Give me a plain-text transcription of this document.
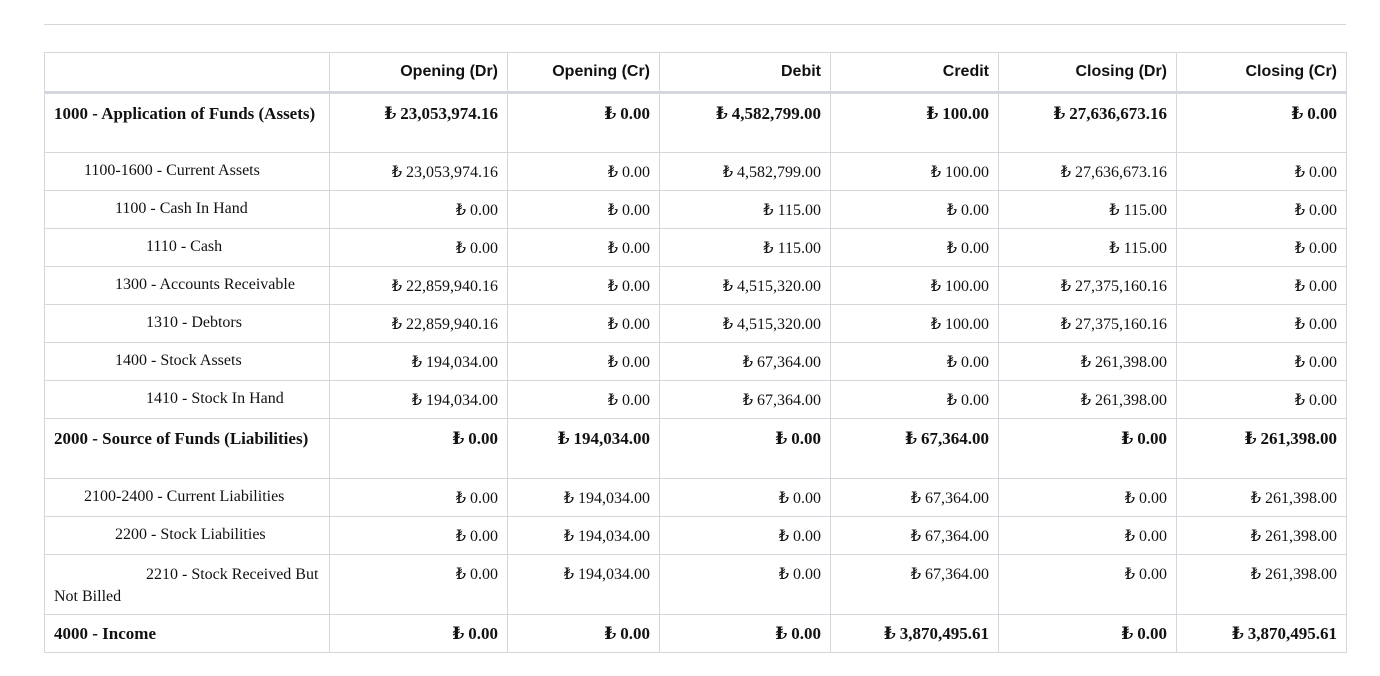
	Opening (Dr)	Opening (Cr)	Debit	Credit	Closing (Dr)	Closing (Cr)
1000 - Application of Funds (Assets)	₺ 23,053,974.16	₺ 0.00	₺ 4,582,799.00	₺ 100.00	₺ 27,636,673.16	₺ 0.00
1100-1600 - Current Assets	₺ 23,053,974.16	₺ 0.00	₺ 4,582,799.00	₺ 100.00	₺ 27,636,673.16	₺ 0.00
1100 - Cash In Hand	₺ 0.00	₺ 0.00	₺ 115.00	₺ 0.00	₺ 115.00	₺ 0.00
1110 - Cash	₺ 0.00	₺ 0.00	₺ 115.00	₺ 0.00	₺ 115.00	₺ 0.00
1300 - Accounts Receivable	₺ 22,859,940.16	₺ 0.00	₺ 4,515,320.00	₺ 100.00	₺ 27,375,160.16	₺ 0.00
1310 - Debtors	₺ 22,859,940.16	₺ 0.00	₺ 4,515,320.00	₺ 100.00	₺ 27,375,160.16	₺ 0.00
1400 - Stock Assets	₺ 194,034.00	₺ 0.00	₺ 67,364.00	₺ 0.00	₺ 261,398.00	₺ 0.00
1410 - Stock In Hand	₺ 194,034.00	₺ 0.00	₺ 67,364.00	₺ 0.00	₺ 261,398.00	₺ 0.00
2000 - Source of Funds (Liabilities)	₺ 0.00	₺ 194,034.00	₺ 0.00	₺ 67,364.00	₺ 0.00	₺ 261,398.00
2100-2400 - Current Liabilities	₺ 0.00	₺ 194,034.00	₺ 0.00	₺ 67,364.00	₺ 0.00	₺ 261,398.00
2200 - Stock Liabilities	₺ 0.00	₺ 194,034.00	₺ 0.00	₺ 67,364.00	₺ 0.00	₺ 261,398.00
2210 - Stock Received But Not Billed	₺ 0.00	₺ 194,034.00	₺ 0.00	₺ 67,364.00	₺ 0.00	₺ 261,398.00
4000 - Income	₺ 0.00	₺ 0.00	₺ 0.00	₺ 3,870,495.61	₺ 0.00	₺ 3,870,495.61
